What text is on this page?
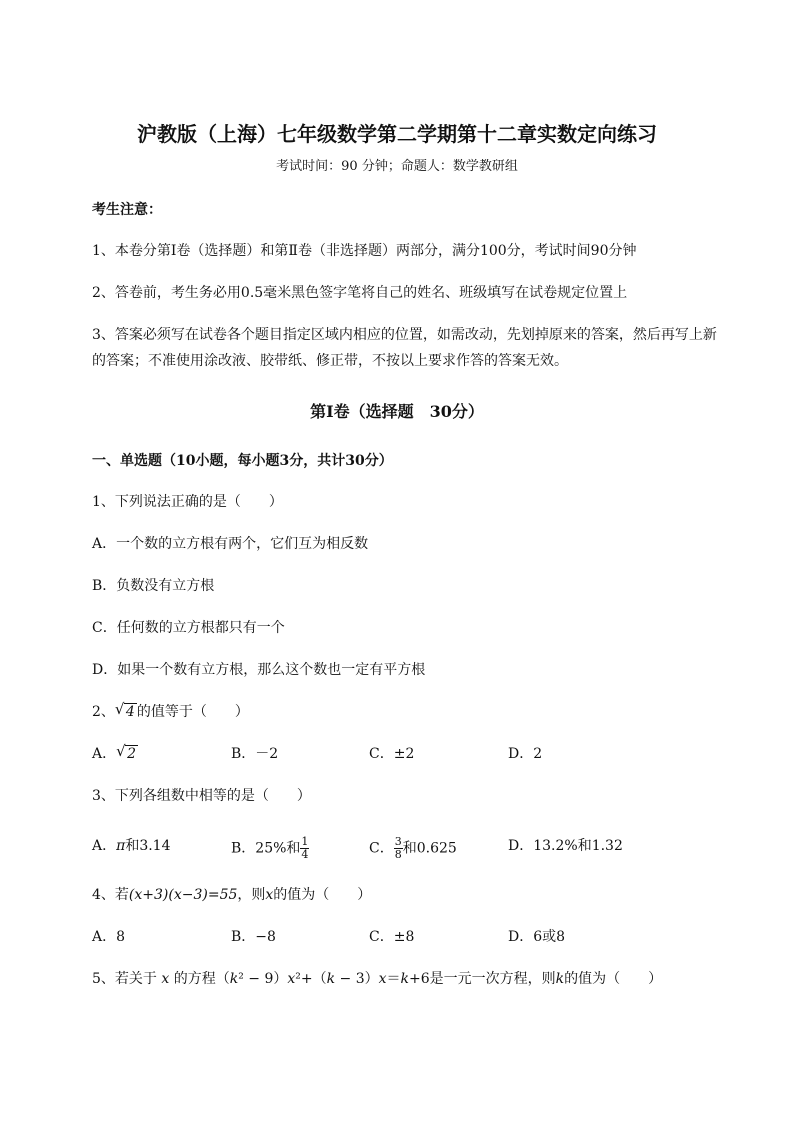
沪教版（上海）七年级数学第二学期第十二章实数定向练习
考试时间：90 分钟；命题人：数学教研组
考生注意：
1、本卷分第Ⅰ卷（选择题）和第Ⅱ卷（非选择题）两部分，满分100分，考试时间90分钟
2、答卷前，考生务必用0.5毫米黑色签字笔将自己的姓名、班级填写在试卷规定位置上
3、答案必须写在试卷各个题目指定区域内相应的位置，如需改动，先划掉原来的答案，然后再写上新
的答案；不准使用涂改液、胶带纸、修正带，不按以上要求作答的答案无效。
第Ⅰ卷（选择题　30分）
一、单选题（10小题，每小题3分，共计30分）
1、下列说法正确的是（　　）
A．一个数的立方根有两个，它们互为相反数
B．负数没有立方根
C．任何数的立方根都只有一个
D．如果一个数有立方根，那么这个数也一定有平方根
2、 √ 4 的值等于（　　）
A． √ 2	B．－2	C．±2	D．2
3、下列各组数中相等的是（　　）
A．π和3.14	B．25%和 $\frac{1}{4}$	C． $\frac{3}{8}$ 和0.625	D．13.2%和1.32
4、若(x+3)(x−3)=55，则x的值为（　　）
A．8	B．−8	C．±8	D．6或8
5、若关于 x 的方程（k² − 9）x²+（k − 3）x＝k+6是一元一次方程，则k的值为（　　）
